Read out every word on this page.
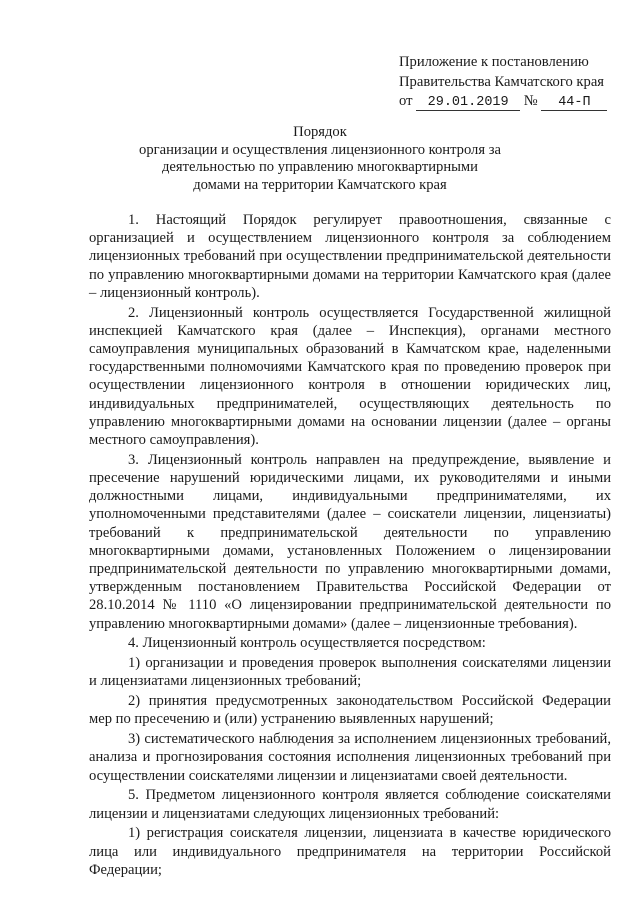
Приложение к постановлению
Правительства Камчатского края
от 29.01.2019 № 44-П
Порядок
организации и осуществления лицензионного контроля за
деятельностью по управлению многоквартирными
домами на территории Камчатского края

1. Настоящий Порядок регулирует правоотношения, связанные с организацией и осуществлением лицензионного контроля за соблюдением лицензионных требований при осуществлении предпринимательской деятельности по управлению многоквартирными домами на территории Камчатского края (далее – лицензионный контроль).

2. Лицензионный контроль осуществляется Государственной жилищной инспекцией Камчатского края (далее – Инспекция), органами местного самоуправления муниципальных образований в Камчатском крае, наделенными государственными полномочиями Камчатского края по проведению проверок при осуществлении лицензионного контроля в отношении юридических лиц, индивидуальных предпринимателей, осуществляющих деятельность по управлению многоквартирными домами на основании лицензии (далее – органы местного самоуправления).

3. Лицензионный контроль направлен на предупреждение, выявление и пресечение нарушений юридическими лицами, их руководителями и иными должностными лицами, индивидуальными предпринимателями, их уполномоченными представителями (далее – соискатели лицензии, лицензиаты) требований к предпринимательской деятельности по управлению многоквартирными домами, установленных Положением о лицензировании предпринимательской деятельности по управлению многоквартирными домами, утвержденным постановлением Правительства Российской Федерации от 28.10.2014 № 1110 «О лицензировании предпринимательской деятельности по управлению многоквартирными домами» (далее – лицензионные требования).

4. Лицензионный контроль осуществляется посредством:

1) организации и проведения проверок выполнения соискателями лицензии и лицензиатами лицензионных требований;

2) принятия предусмотренных законодательством Российской Федерации мер по пресечению и (или) устранению выявленных нарушений;

3) систематического наблюдения за исполнением лицензионных требований, анализа и прогнозирования состояния исполнения лицензионных требований при осуществлении соискателями лицензии и лицензиатами своей деятельности.

5. Предметом лицензионного контроля является соблюдение соискателями лицензии и лицензиатами следующих лицензионных требований:

1) регистрация соискателя лицензии, лицензиата в качестве юридического лица или индивидуального предпринимателя на территории Российской Федерации;
